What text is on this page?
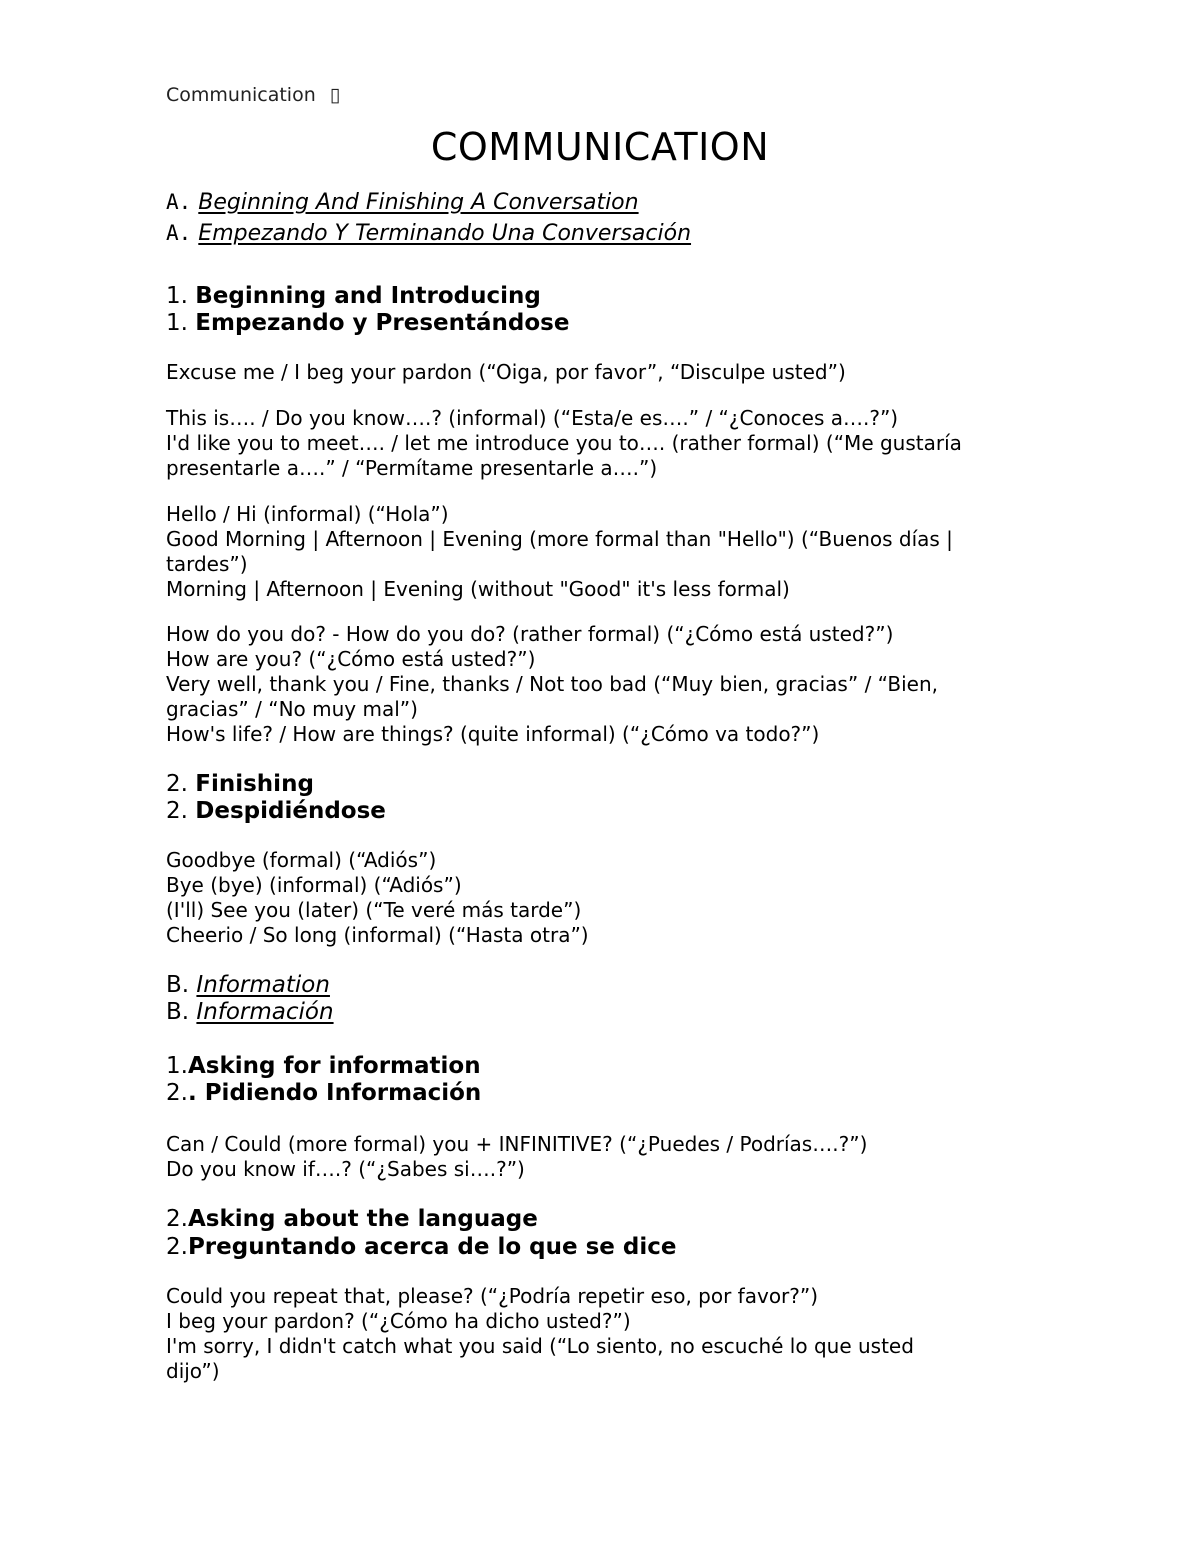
Communication ▯
COMMUNICATION
A. Beginning And Finishing A Conversation
A. Empezando Y Terminando Una Conversación
1. Beginning and Introducing
1. Empezando y Presentándose
Excuse me / I beg your pardon (“Oiga, por favor”, “Disculpe usted”)
This is…. / Do you know….? (informal) (“Esta/e es….” / “¿Conoces a….?”)
I'd like you to meet…. / let me introduce you to…. (rather formal) (“Me gustaría
presentarle a….” / “Permítame presentarle a….”)
Hello / Hi (informal) (“Hola”)
Good Morning | Afternoon | Evening (more formal than "Hello") (“Buenos días |
tardes”)
Morning | Afternoon | Evening (without "Good" it's less formal)
How do you do? - How do you do? (rather formal) (“¿Cómo está usted?”)
How are you? (“¿Cómo está usted?”)
Very well, thank you / Fine, thanks / Not too bad (“Muy bien, gracias” / “Bien,
gracias” / “No muy mal”)
How's life? / How are things? (quite informal) (“¿Cómo va todo?”)
2. Finishing
2. Despidiéndose
Goodbye (formal) (“Adiós”)
Bye (bye) (informal) (“Adiós”)
(I'll) See you (later) (“Te veré más tarde”)
Cheerio / So long (informal) (“Hasta otra”)
B. Information
B. Información
1.Asking for information
2.. Pidiendo Información
Can / Could (more formal) you + INFINITIVE? (“¿Puedes / Podrías….?”)
Do you know if….? (“¿Sabes si….?”)
2.Asking about the language
2.Preguntando acerca de lo que se dice
Could you repeat that, please? (“¿Podría repetir eso, por favor?”)
I beg your pardon? (“¿Cómo ha dicho usted?”)
I'm sorry, I didn't catch what you said (“Lo siento, no escuché lo que usted
dijo”)
